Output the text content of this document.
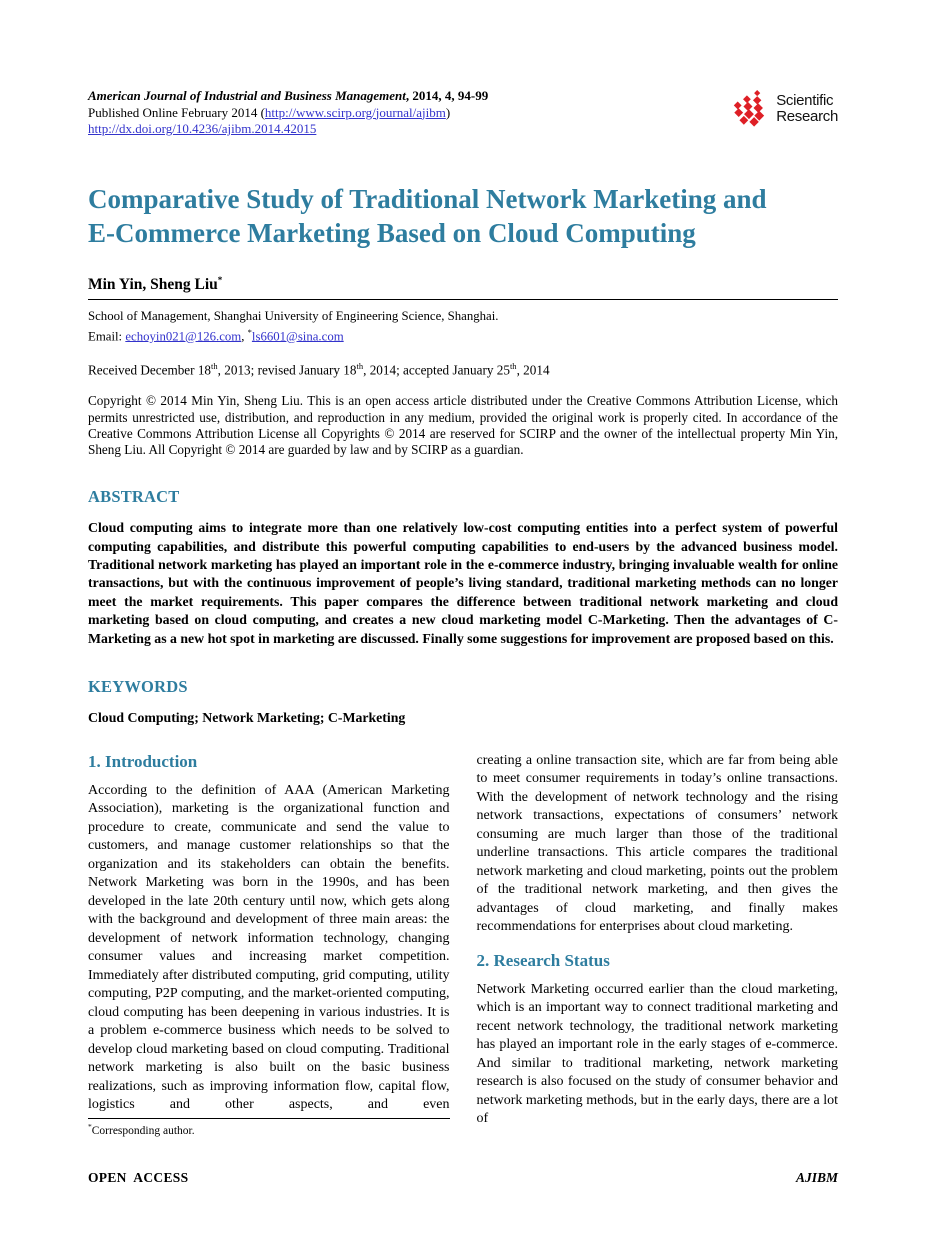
American Journal of Industrial and Business Management, 2014, 4, 94-99
Published Online February 2014 (http://www.scirp.org/journal/ajibm)
http://dx.doi.org/10.4236/ajibm.2014.42015
Scientific
Research
Comparative Study of Traditional Network Marketing and
E-Commerce Marketing Based on Cloud Computing
Min Yin, Sheng Liu*
School of Management, Shanghai University of Engineering Science, Shanghai.
Email: echoyin021@126.com, *ls6601@sina.com
Received December 18th, 2013; revised January 18th, 2014; accepted January 25th, 2014

Copyright © 2014 Min Yin, Sheng Liu. This is an open access article distributed under the Creative Commons Attribution License, which permits unrestricted use, distribution, and reproduction in any medium, provided the original work is properly cited. In accordance of the Creative Commons Attribution License all Copyrights © 2014 are reserved for SCIRP and the owner of the intellectual property Min Yin, Sheng Liu. All Copyright © 2014 are guarded by law and by SCIRP as a guardian.

ABSTRACT

Cloud computing aims to integrate more than one relatively low-cost computing entities into a perfect system of powerful computing capabilities, and distribute this powerful computing capabilities to end-users by the advanced business model. Traditional network marketing has played an important role in the e-commerce industry, bringing invaluable wealth for online transactions, but with the continuous improvement of people’s living standard, traditional marketing methods can no longer meet the market requirements. This paper compares the difference between traditional network marketing and cloud marketing based on cloud computing, and creates a new cloud marketing model C-Marketing. Then the advantages of C-Marketing as a new hot spot in marketing are discussed. Finally some suggestions for improvement are proposed based on this.

KEYWORDS

Cloud Computing; Network Marketing; C-Marketing

1. Introduction

According to the definition of AAA (American Marketing Association), marketing is the organizational function and procedure to create, communicate and send the value to customers, and manage customer relationships so that the organization and its stakeholders can obtain the benefits. Network Marketing was born in the 1990s, and has been developed in the late 20th century until now, which gets along with the background and development of three main areas: the development of network information technology, changing consumer values and increasing market competition. Immediately after distributed computing, grid computing, utility computing, P2P computing, and the market-oriented computing, cloud computing has been deepening in various industries. It is a problem e-commerce business which needs to be solved to develop cloud marketing based on cloud computing. Traditional network marketing is also built on the basic business realizations, such as improving information flow, capital flow, logistics and other aspects, and even

*Corresponding author.

creating a online transaction site, which are far from being able to meet consumer requirements in today’s online transactions. With the development of network technology and the rising network transactions, expectations of consumers’ network consuming are much larger than those of the traditional underline transactions. This article compares the traditional network marketing and cloud marketing, points out the problem of the traditional network marketing, and then gives the advantages of cloud marketing, and finally makes recommendations for enterprises about cloud marketing.

2. Research Status

Network Marketing occurred earlier than the cloud marketing, which is an important way to connect traditional marketing and recent network technology, the traditional network marketing has played an important role in the early stages of e-commerce. And similar to traditional marketing, network marketing research is also focused on the study of consumer behavior and network marketing methods, but in the early days, there are a lot of

OPEN  ACCESS	AJIBM
